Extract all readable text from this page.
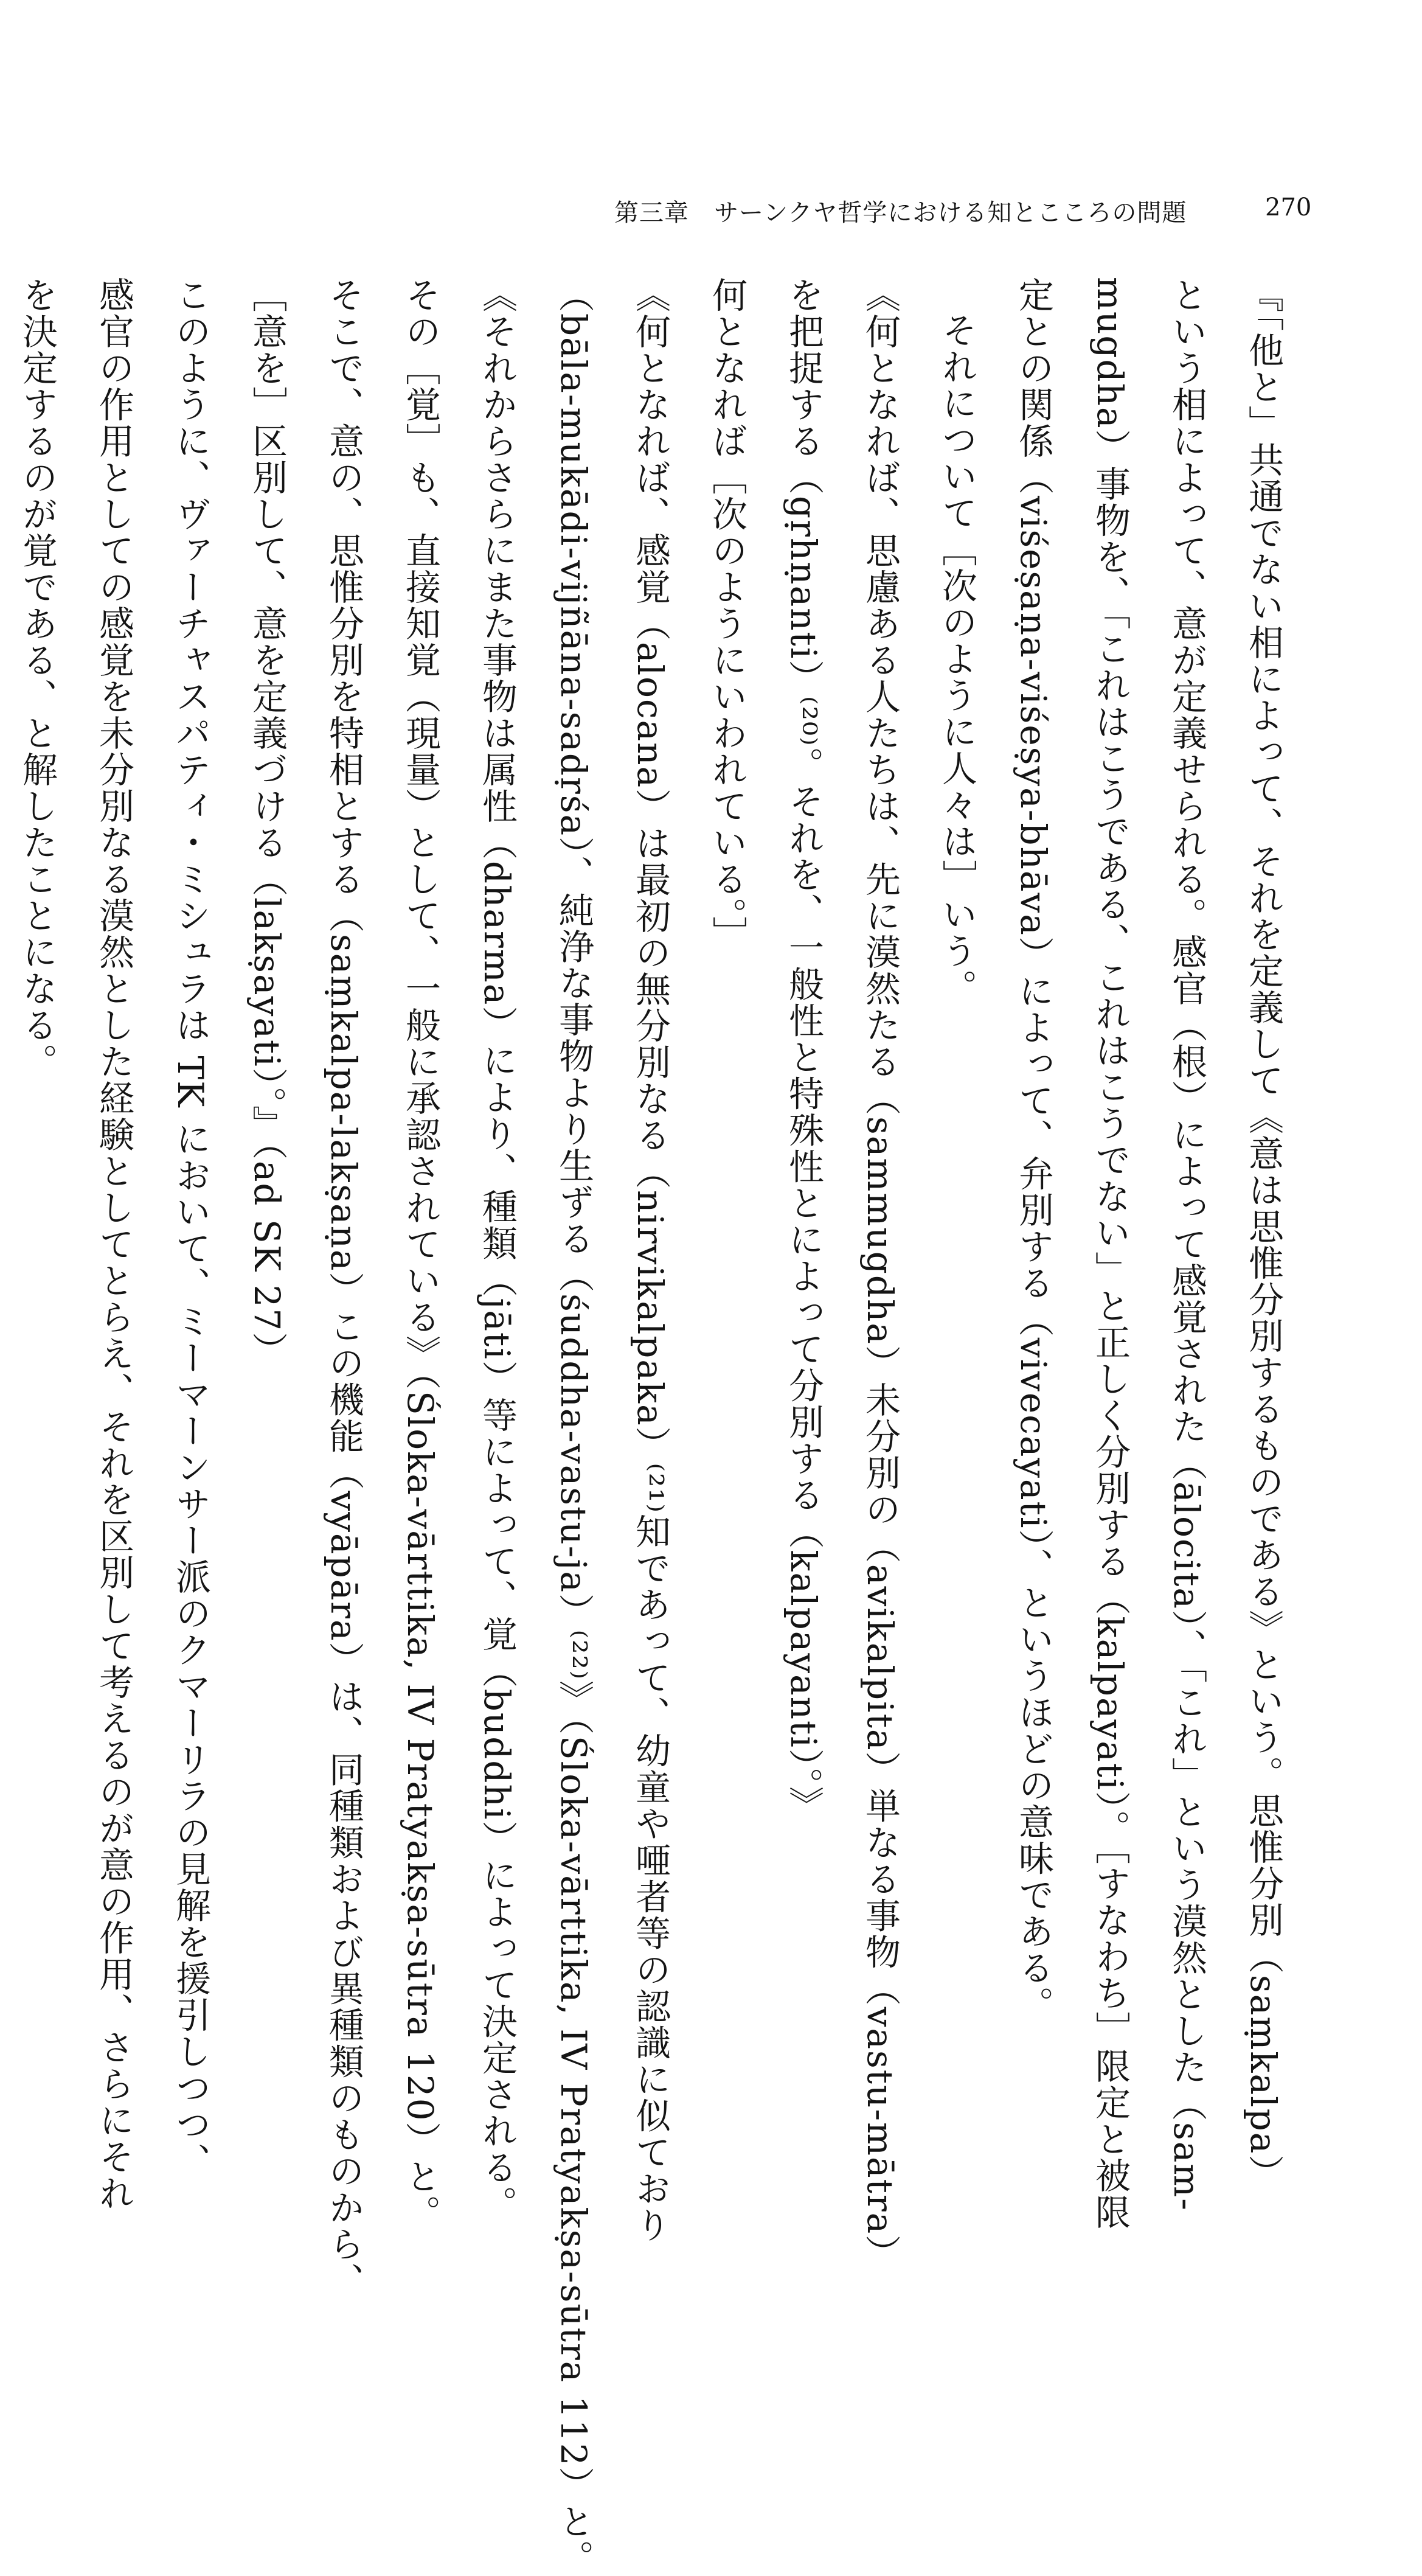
第三章　サーンクヤ哲学における知とこころの問題	270
『「他と」共通でない相によって、それを定義して《意は思惟分別するものである》という。思惟分別（saṃkalpa）
という相によって、意が定義せられる。感官（根）によって感覚された（ālocita）、「これ」という漠然とした（sam-
mugdha）事物を、「これはこうである、これはこうでない」と正しく分別する（kalpayati）。［すなわち］限定と被限
定との関係（viśeṣaṇa-viśeṣya-bhāva）によって、弁別する（vivecayati）、というほどの意味である。
それについて［次のように人々は］いう。
《何となれば、思慮ある人たちは、先に漠然たる（sammugdha）未分別の（avikalpita）単なる事物（vastu-mātra）
を把捉する（gṛhṇanti）⁽²⁰⁾。それを、一般性と特殊性とによって分別する（kalpayanti）。》
何となれば［次のようにいわれている。］
《何となれば、感覚（alocana）は最初の無分別なる（nirvikalpaka）⁽²¹⁾知であって、幼童や唖者等の認識に似ており
（bāla-mukādi-vijñāna-sadṛśa）、純浄な事物より生ずる（śuddha-vastu-ja）⁽²²⁾》（Śloka-vārttika, IV Pratyakṣa-sūtra 112）と。
《それからさらにまた事物は属性（dharma）により、種類（jāti）等によって、覚（buddhi）によって決定される。
その［覚］も、直接知覚（現量）として、一般に承認されている》（Śloka-vārttika, IV Pratyakṣa-sūtra 120）と。
そこで、意の、思惟分別を特相とする（saṃkalpa-lakṣaṇa）この機能（vyāpāra）は、同種類および異種類のものから、
［意を］区別して、意を定義づける（lakṣayati）。』（ad SK 27）
このように、ヴァーチャスパティ・ミシュラは TK において、ミーマーンサー派のクマーリラの見解を援引しつつ、
感官の作用としての感覚を未分別なる漠然とした経験としてとらえ、それを区別して考えるのが意の作用、さらにそれ
を決定するのが覚である、と解したことになる。
